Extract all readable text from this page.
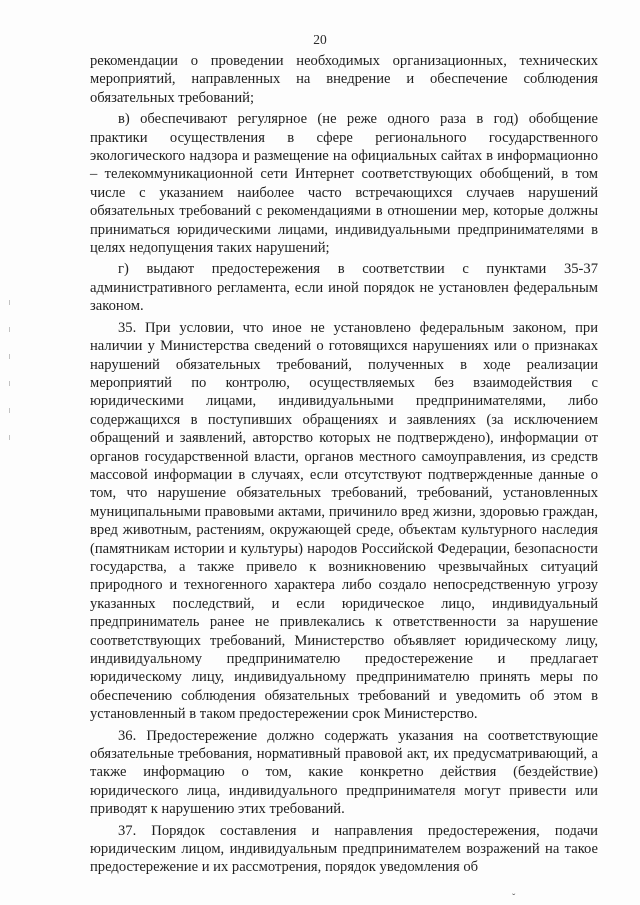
20

рекомендации о проведении необходимых организационных, технических мероприятий, направленных на внедрение и обеспечение соблюдения обязательных требований;

в) обеспечивают регулярное (не реже одного раза в год) обобщение практики осуществления в сфере регионального государственного экологического надзора и размещение на официальных сайтах в информационно – телекоммуникационной сети Интернет соответствующих обобщений, в том числе с указанием наиболее часто встречающихся случаев нарушений обязательных требований с рекомендациями в отношении мер, которые должны приниматься юридическими лицами, индивидуальными предпринимателями в целях недопущения таких нарушений;

г) выдают предостережения в соответствии с пунктами 35-37 административного регламента, если иной порядок не установлен федеральным законом.

35. При условии, что иное не установлено федеральным законом, при наличии у Министерства сведений о готовящихся нарушениях или о признаках нарушений обязательных требований, полученных в ходе реализации мероприятий по контролю, осуществляемых без взаимодействия с юридическими лицами, индивидуальными предпринимателями, либо содержащихся в поступивших обращениях и заявлениях (за исключением обращений и заявлений, авторство которых не подтверждено), информации от органов государственной власти, органов местного самоуправления, из средств массовой информации в случаях, если отсутствуют подтвержденные данные о том, что нарушение обязательных требований, требований, установленных муниципальными правовыми актами, причинило вред жизни, здоровью граждан, вред животным, растениям, окружающей среде, объектам культурного наследия (памятникам истории и культуры) народов Российской Федерации, безопасности государства, а также привело к возникновению чрезвычайных ситуаций природного и техногенного характера либо создало непосредственную угрозу указанных последствий, и если юридическое лицо, индивидуальный предприниматель ранее не привлекались к ответственности за нарушение соответствующих требований, Министерство объявляет юридическому лицу, индивидуальному предпринимателю предостережение и предлагает юридическому лицу, индивидуальному предпринимателю принять меры по обеспечению соблюдения обязательных требований и уведомить об этом в установленный в таком предостережении срок Министерство.

36. Предостережение должно содержать указания на соответствующие обязательные требования, нормативный правовой акт, их предусматривающий, а также информацию о том, какие конкретно действия (бездействие) юридического лица, индивидуального предпринимателя могут привести или приводят к нарушению этих требований.

37. Порядок составления и направления предостережения, подачи юридическим лицом, индивидуальным предпринимателем возражений на такое предостережение и их рассмотрения, порядок уведомления об

ˇ
